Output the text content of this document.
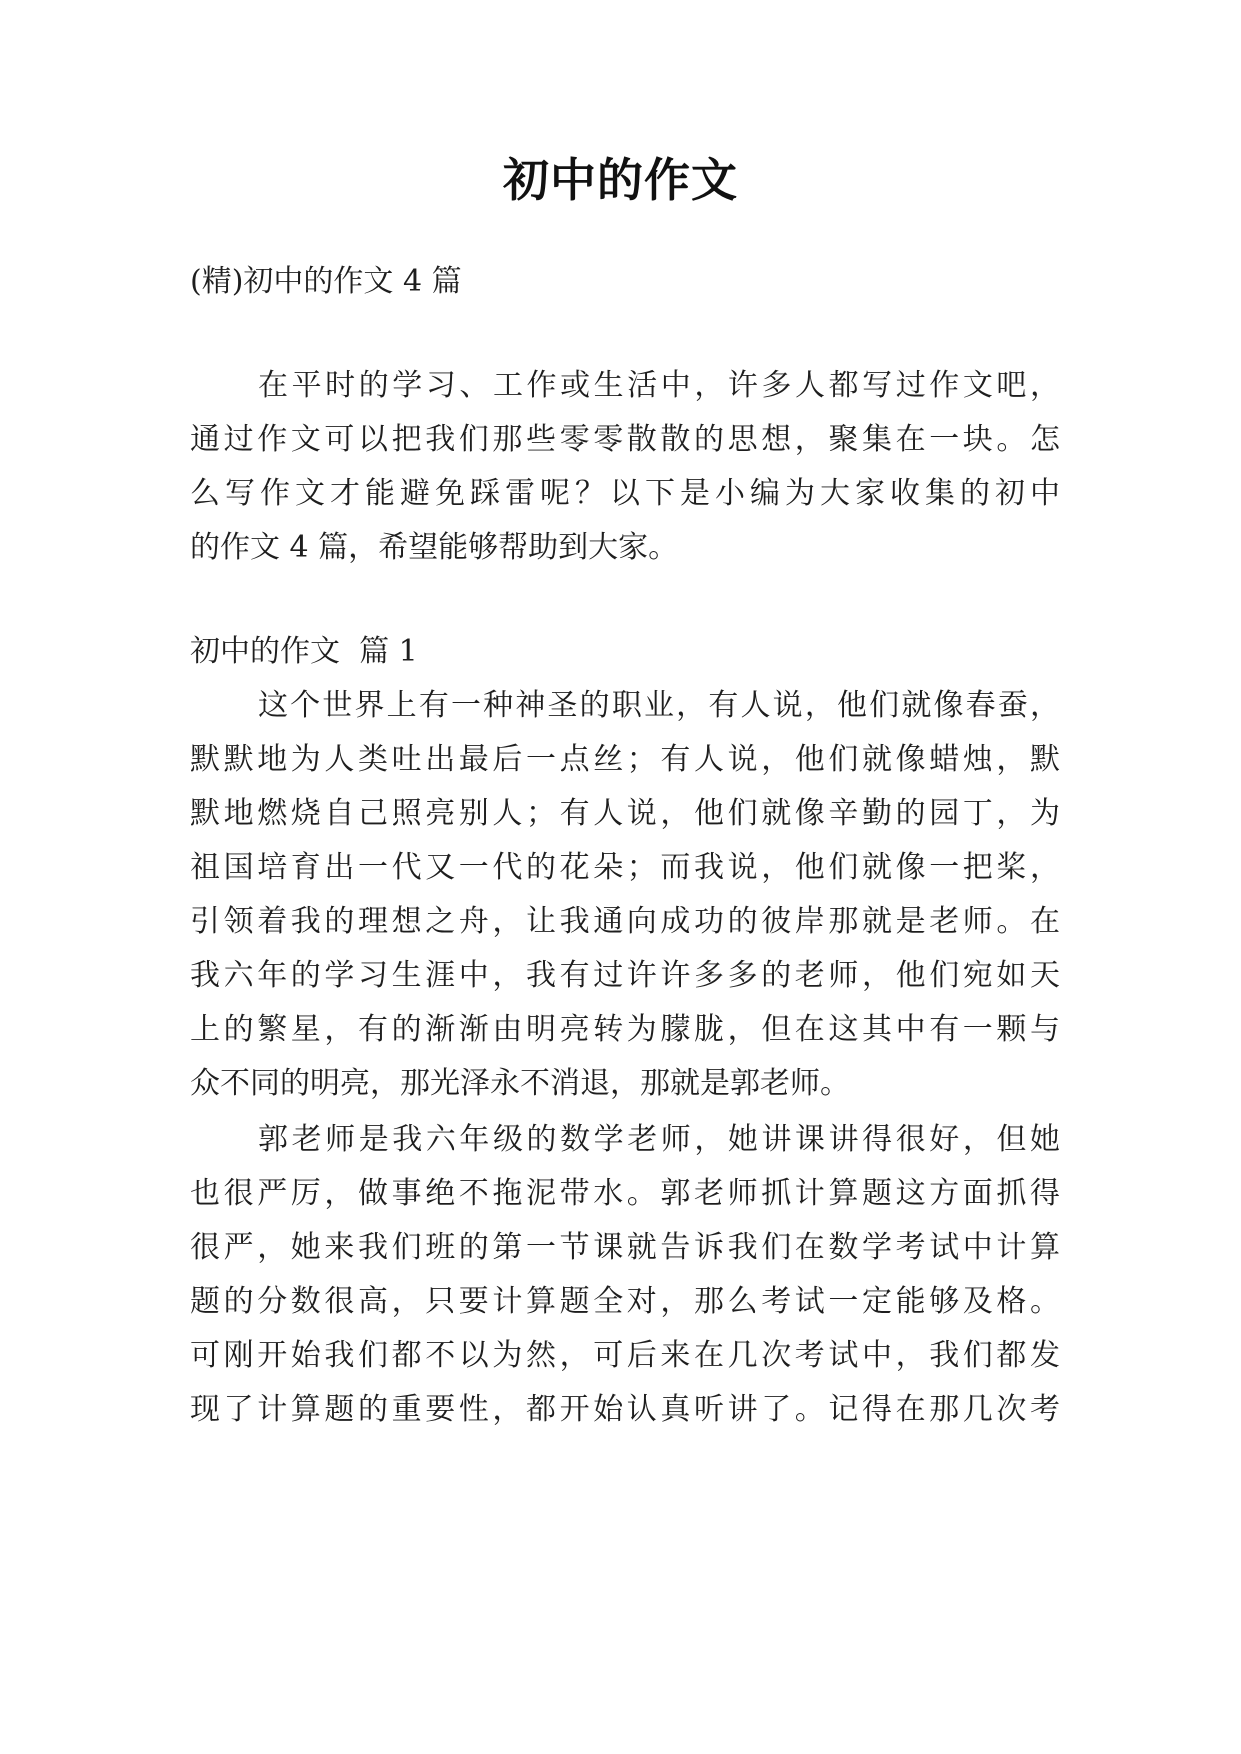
初中的作文
(精)初中的作文 4 篇
在平时的学习、工作或生活中，许多人都写过作文吧，
通过作文可以把我们那些零零散散的思想，聚集在一块。怎
么写作文才能避免踩雷呢？以下是小编为大家收集的初中
的作文 4 篇，希望能够帮助到大家。
初中的作文  篇 1
这个世界上有一种神圣的职业，有人说，他们就像春蚕，
默默地为人类吐出最后一点丝；有人说，他们就像蜡烛，默
默地燃烧自己照亮别人；有人说，他们就像辛勤的园丁，为
祖国培育出一代又一代的花朵；而我说，他们就像一把桨，
引领着我的理想之舟，让我通向成功的彼岸那就是老师。在
我六年的学习生涯中，我有过许许多多的老师，他们宛如天
上的繁星，有的渐渐由明亮转为朦胧，但在这其中有一颗与
众不同的明亮，那光泽永不消退，那就是郭老师。
郭老师是我六年级的数学老师，她讲课讲得很好，但她
也很严厉，做事绝不拖泥带水。郭老师抓计算题这方面抓得
很严，她来我们班的第一节课就告诉我们在数学考试中计算
题的分数很高，只要计算题全对，那么考试一定能够及格。
可刚开始我们都不以为然，可后来在几次考试中，我们都发
现了计算题的重要性，都开始认真听讲了。记得在那几次考
